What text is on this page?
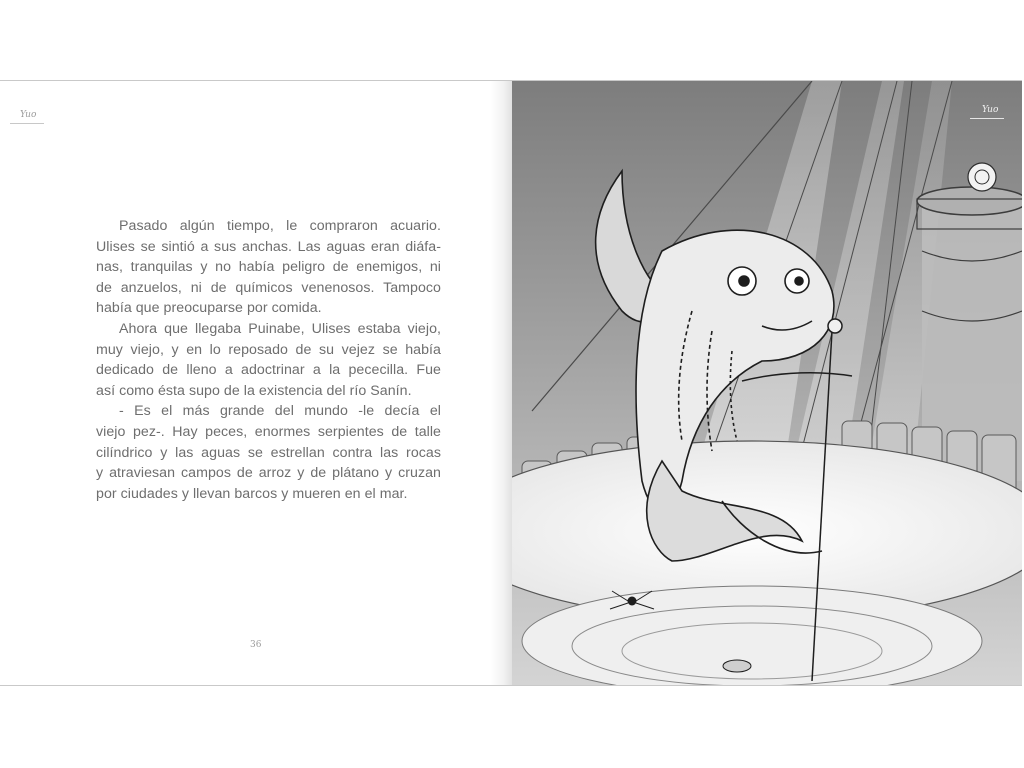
Yuo
Pasado algún tiempo, le compraron acuario.
Ulises se sintió a sus anchas. Las aguas eran diáfa-
nas, tranquilas y no había peligro de enemigos, ni
de anzuelos, ni de químicos venenosos. Tampoco
había que preocuparse por comida.
Ahora que llegaba Puinabe, Ulises estaba viejo,
muy viejo, y en lo reposado de su vejez se había
dedicado de lleno a adoctrinar a la pececilla. Fue
así como ésta supo de la existencia del río Sanín.
- Es el más grande del mundo -le decía el
viejo pez-. Hay peces, enormes serpientes de talle
cilíndrico y las aguas se estrellan contra las rocas
y atraviesan campos de arroz y de plátano y cruzan
por ciudades y llevan barcos y mueren en el mar.
36
Yuo
